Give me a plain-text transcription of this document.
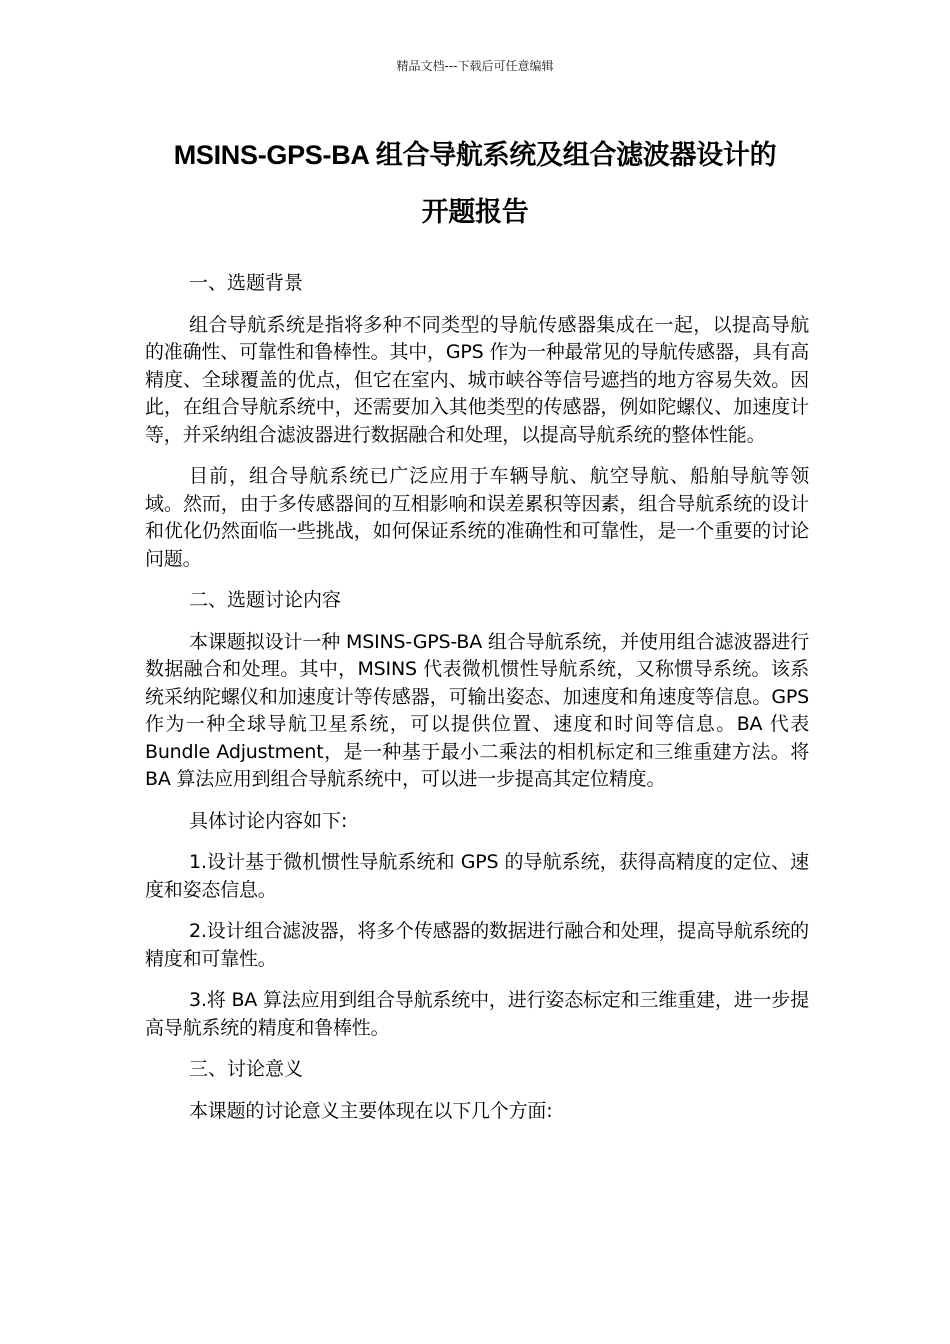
精品文档---下载后可任意编辑
MSINS-GPS-BA 组合导航系统及组合滤波器设计的
开题报告

一、选题背景

组合导航系统是指将多种不同类型的导航传感器集成在一起，以提高导航的准确性、可靠性和鲁棒性。其中，GPS 作为一种最常见的导航传感器，具有高精度、全球覆盖的优点，但它在室内、城市峡谷等信号遮挡的地方容易失效。因此，在组合导航系统中，还需要加入其他类型的传感器，例如陀螺仪、加速度计等，并采纳组合滤波器进行数据融合和处理，以提高导航系统的整体性能。

目前，组合导航系统已广泛应用于车辆导航、航空导航、船舶导航等领域。然而，由于多传感器间的互相影响和误差累积等因素，组合导航系统的设计和优化仍然面临一些挑战，如何保证系统的准确性和可靠性，是一个重要的讨论问题。

二、选题讨论内容

本课题拟设计一种 MSINS-GPS-BA 组合导航系统，并使用组合滤波器进行数据融合和处理。其中，MSINS 代表微机惯性导航系统，又称惯导系统。该系统采纳陀螺仪和加速度计等传感器，可输出姿态、加速度和角速度等信息。GPS 作为一种全球导航卫星系统，可以提供位置、速度和时间等信息。BA 代表 Bundle Adjustment，是一种基于最小二乘法的相机标定和三维重建方法。将 BA 算法应用到组合导航系统中，可以进一步提高其定位精度。

具体讨论内容如下:

1.设计基于微机惯性导航系统和 GPS 的导航系统，获得高精度的定位、速度和姿态信息。

2.设计组合滤波器，将多个传感器的数据进行融合和处理，提高导航系统的精度和可靠性。

3.将 BA 算法应用到组合导航系统中，进行姿态标定和三维重建，进一步提高导航系统的精度和鲁棒性。

三、讨论意义

本课题的讨论意义主要体现在以下几个方面:
